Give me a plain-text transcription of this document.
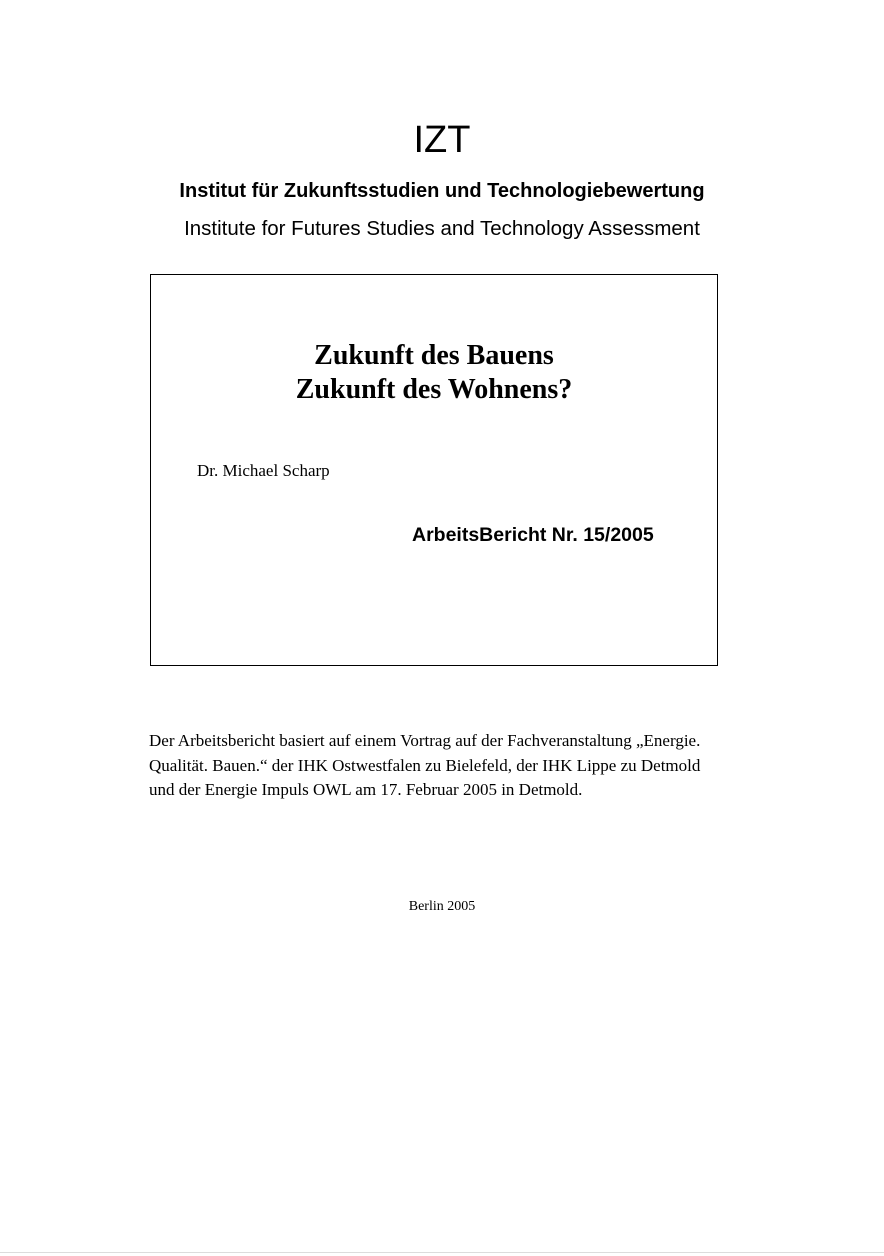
IZT
Institut für Zukunftsstudien und Technologiebewertung
Institute for Futures Studies and Technology Assessment
Zukunft des Bauens
Zukunft des Wohnens?
Dr. Michael Scharp
ArbeitsBericht Nr. 15/2005
Der Arbeitsbericht basiert auf einem Vortrag auf der Fachveranstaltung „Energie.
Qualität. Bauen.“ der IHK Ostwestfalen zu Bielefeld, der IHK Lippe zu Detmold
und der Energie Impuls OWL am 17. Februar 2005 in Detmold.
Berlin 2005
